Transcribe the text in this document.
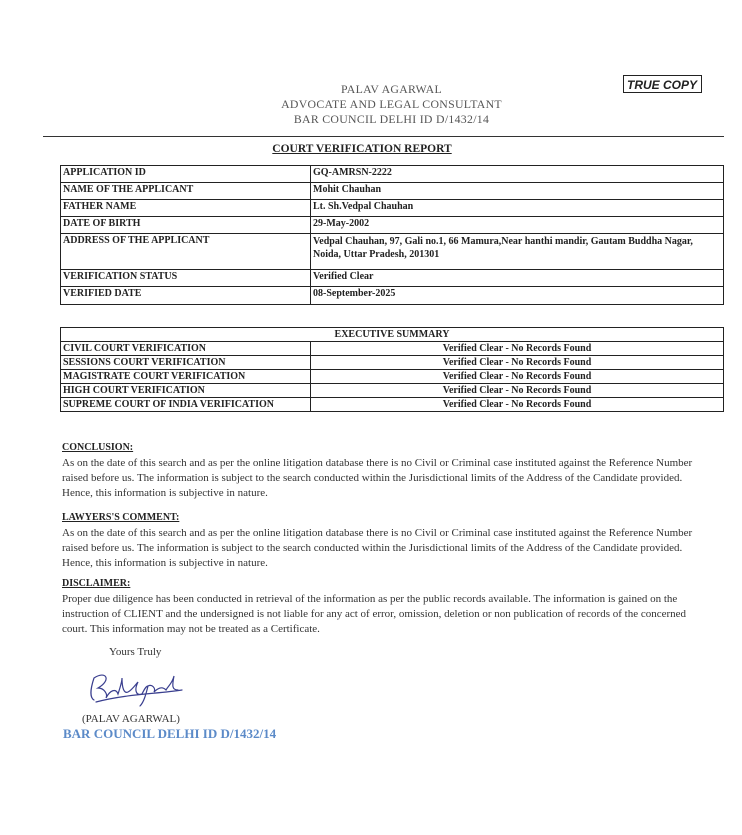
TRUE COPY
PALAV AGARWAL
ADVOCATE AND LEGAL CONSULTANT
BAR COUNCIL DELHI ID D/1432/14
COURT VERIFICATION REPORT
APPLICATION ID	GQ-AMRSN-2222
NAME OF THE APPLICANT	Mohit Chauhan
FATHER NAME	Lt. Sh.Vedpal Chauhan
DATE OF BIRTH	29-May-2002
ADDRESS OF THE APPLICANT	Vedpal Chauhan, 97, Gali no.1, 66 Mamura,Near hanthi mandir, Gautam Buddha Nagar, Noida, Uttar Pradesh, 201301
VERIFICATION STATUS	Verified Clear
VERIFIED DATE	08-September-2025
EXECUTIVE SUMMARY	
CIVIL COURT VERIFICATION	Verified Clear - No Records Found
SESSIONS COURT VERIFICATION	Verified Clear - No Records Found
MAGISTRATE COURT VERIFICATION	Verified Clear - No Records Found
HIGH COURT VERIFICATION	Verified Clear - No Records Found
SUPREME COURT OF INDIA VERIFICATION	Verified Clear - No Records Found
CONCLUSION:

As on the date of this search and as per the online litigation database there is no Civil or Criminal case instituted against the Reference Number raised before us. The information is subject to the search conducted within the Jurisdictional limits of the Address of the Candidate provided. Hence, this information is subjective in nature.

LAWYERS'S COMMENT:

As on the date of this search and as per the online litigation database there is no Civil or Criminal case instituted against the Reference Number raised before us. The information is subject to the search conducted within the Jurisdictional limits of the Address of the Candidate provided. Hence, this information is subjective in nature.

DISCLAIMER:

Proper due diligence has been conducted in retrieval of the information as per the public records available. The information is gained on the instruction of CLIENT and the undersigned is not liable for any act of error, omission, deletion or non publication of records of the concerned court. This information may not be treated as a Certificate.

Yours Truly
(PALAV AGARWAL)
BAR COUNCIL DELHI ID D/1432/14
